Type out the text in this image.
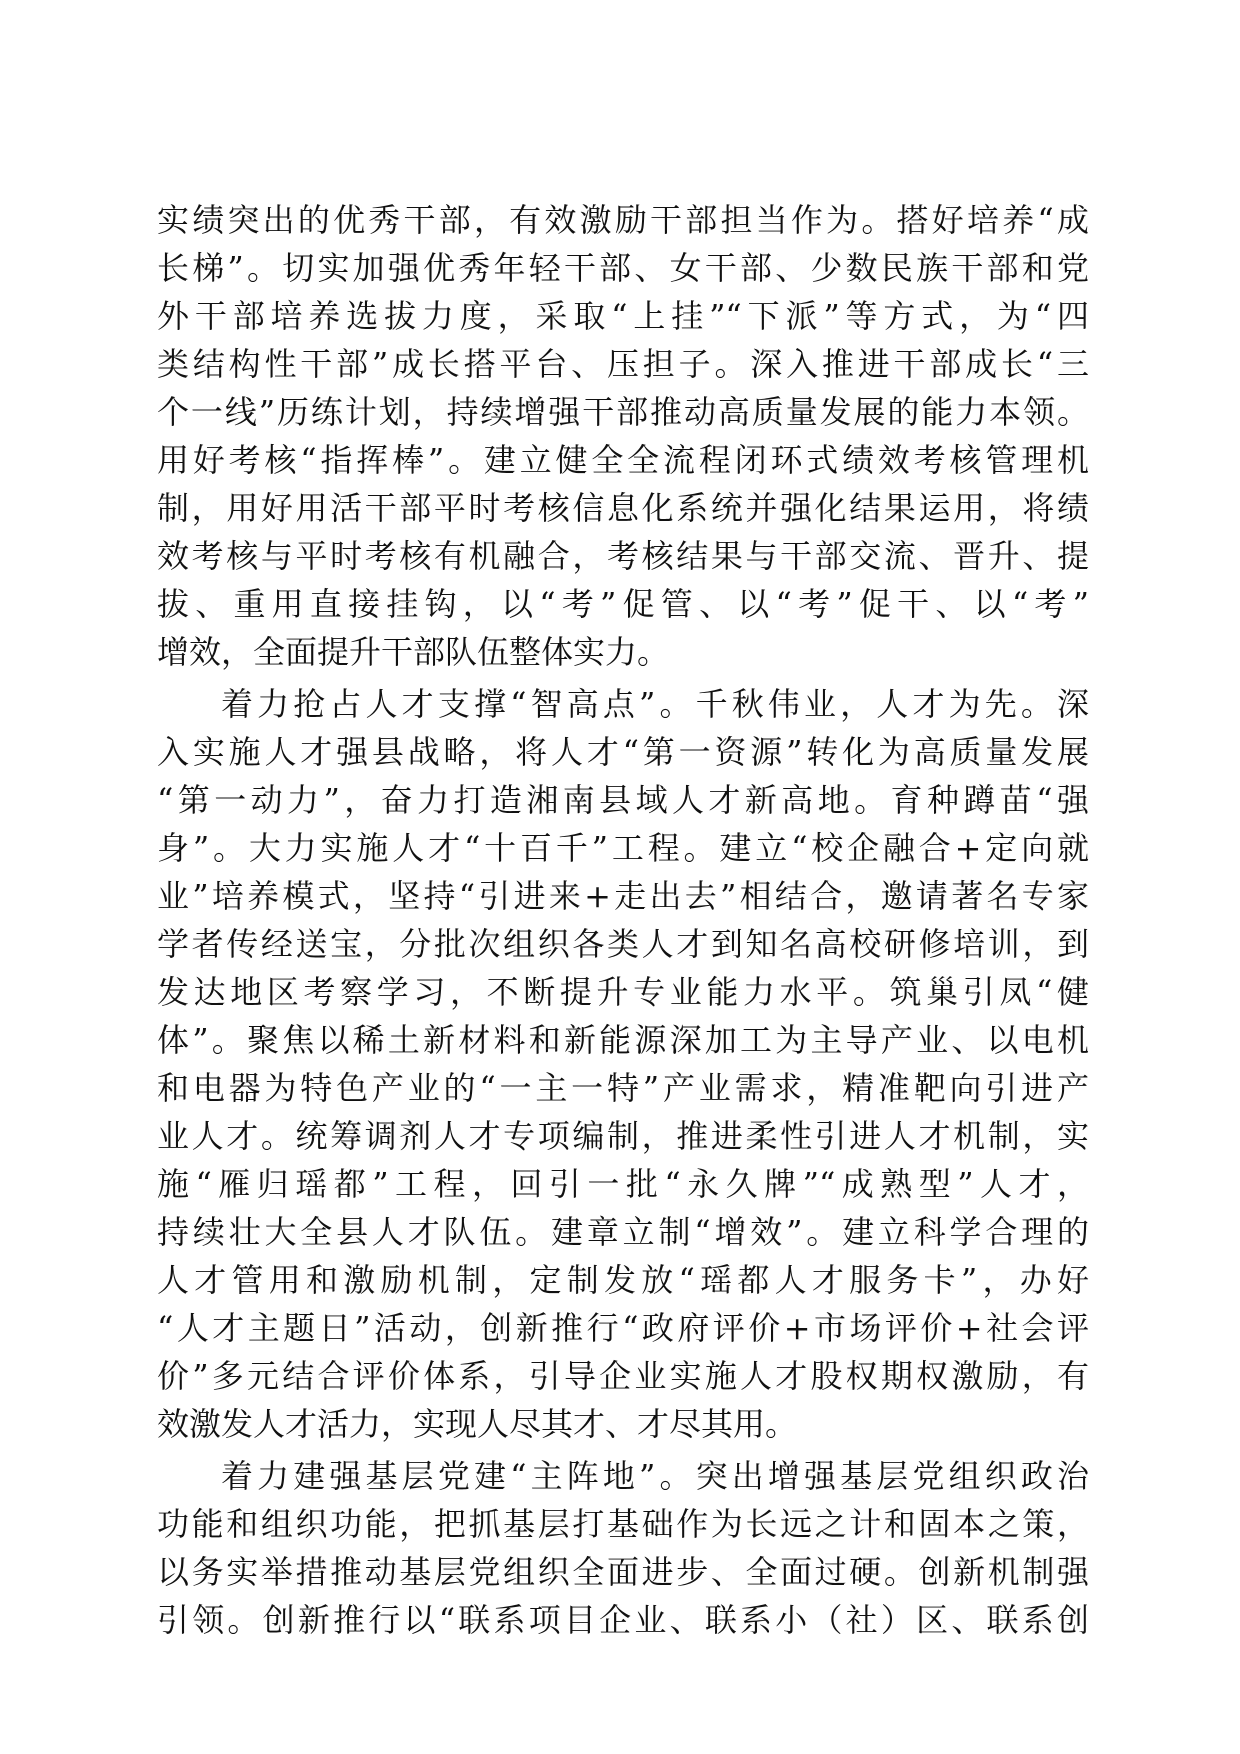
实绩突出的优秀干部，有效激励干部担当作为。搭好培养“成
长梯”。切实加强优秀年轻干部、女干部、少数民族干部和党
外干部培养选拔力度，采取“上挂”“下派”等方式，为“四
类结构性干部”成长搭平台、压担子。深入推进干部成长“三
个一线”历练计划，持续增强干部推动高质量发展的能力本领。
用好考核“指挥棒”。建立健全全流程闭环式绩效考核管理机
制，用好用活干部平时考核信息化系统并强化结果运用，将绩
效考核与平时考核有机融合，考核结果与干部交流、晋升、提
拔、重用直接挂钩，以“考”促管、以“考”促干、以“考”
增效，全面提升干部队伍整体实力。
着力抢占人才支撑“智高点”。千秋伟业，人才为先。深
入实施人才强县战略，将人才“第一资源”转化为高质量发展
“第一动力”，奋力打造湘南县域人才新高地。育种蹲苗“强
身”。大力实施人才“十百千”工程。建立“校企融合+定向就
业”培养模式，坚持“引进来+走出去”相结合，邀请著名专家
学者传经送宝，分批次组织各类人才到知名高校研修培训，到
发达地区考察学习，不断提升专业能力水平。筑巢引凤“健
体”。聚焦以稀土新材料和新能源深加工为主导产业、以电机
和电器为特色产业的“一主一特”产业需求，精准靶向引进产
业人才。统筹调剂人才专项编制，推进柔性引进人才机制，实
施“雁归瑶都”工程，回引一批“永久牌”“成熟型”人才，
持续壮大全县人才队伍。建章立制“增效”。建立科学合理的
人才管用和激励机制，定制发放“瑶都人才服务卡”，办好
“人才主题日”活动，创新推行“政府评价+市场评价+社会评
价”多元结合评价体系，引导企业实施人才股权期权激励，有
效激发人才活力，实现人尽其才、才尽其用。
着力建强基层党建“主阵地”。突出增强基层党组织政治
功能和组织功能，把抓基层打基础作为长远之计和固本之策，
以务实举措推动基层党组织全面进步、全面过硬。创新机制强
引领。创新推行以“联系项目企业、联系小（社）区、联系创
